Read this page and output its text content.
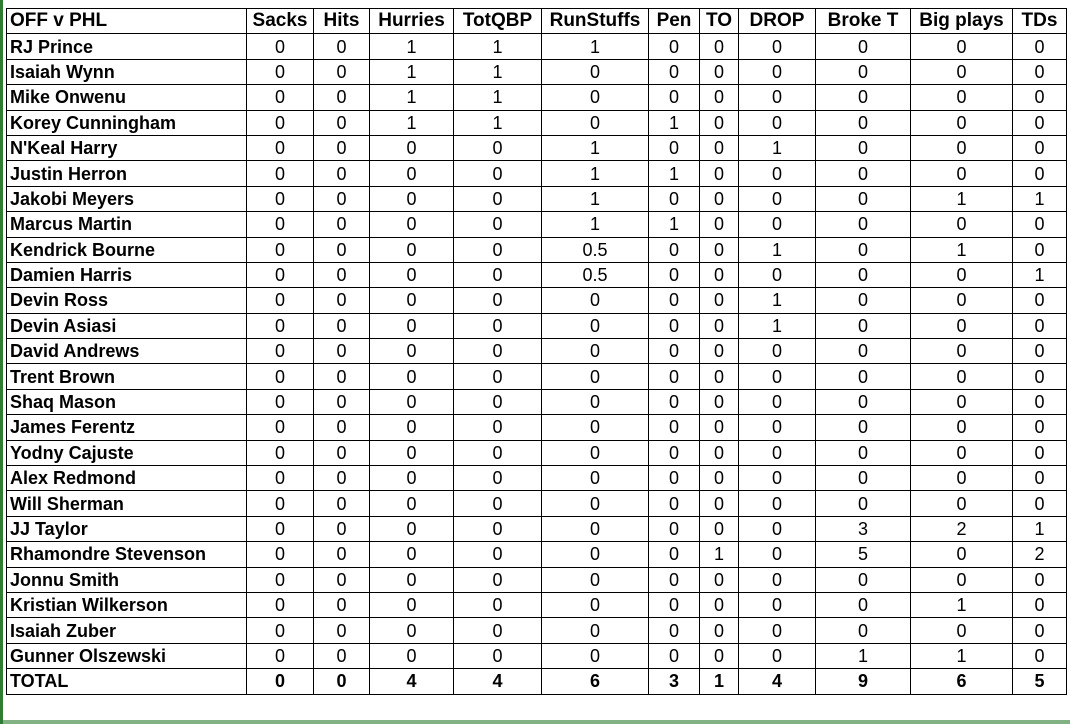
OFF v PHL	Sacks	Hits	Hurries	TotQBP	RunStuffs	Pen	TO	DROP	Broke T	Big plays	TDs
RJ Prince	0	0	1	1	1	0	0	0	0	0	0
Isaiah Wynn	0	0	1	1	0	0	0	0	0	0	0
Mike Onwenu	0	0	1	1	0	0	0	0	0	0	0
Korey Cunningham	0	0	1	1	0	1	0	0	0	0	0
N'Keal Harry	0	0	0	0	1	0	0	1	0	0	0
Justin Herron	0	0	0	0	1	1	0	0	0	0	0
Jakobi Meyers	0	0	0	0	1	0	0	0	0	1	1
Marcus Martin	0	0	0	0	1	1	0	0	0	0	0
Kendrick Bourne	0	0	0	0	0.5	0	0	1	0	1	0
Damien Harris	0	0	0	0	0.5	0	0	0	0	0	1
Devin Ross	0	0	0	0	0	0	0	1	0	0	0
Devin Asiasi	0	0	0	0	0	0	0	1	0	0	0
David Andrews	0	0	0	0	0	0	0	0	0	0	0
Trent Brown	0	0	0	0	0	0	0	0	0	0	0
Shaq Mason	0	0	0	0	0	0	0	0	0	0	0
James Ferentz	0	0	0	0	0	0	0	0	0	0	0
Yodny Cajuste	0	0	0	0	0	0	0	0	0	0	0
Alex Redmond	0	0	0	0	0	0	0	0	0	0	0
Will Sherman	0	0	0	0	0	0	0	0	0	0	0
JJ Taylor	0	0	0	0	0	0	0	0	3	2	1
Rhamondre Stevenson	0	0	0	0	0	0	1	0	5	0	2
Jonnu Smith	0	0	0	0	0	0	0	0	0	0	0
Kristian Wilkerson	0	0	0	0	0	0	0	0	0	1	0
Isaiah Zuber	0	0	0	0	0	0	0	0	0	0	0
Gunner Olszewski	0	0	0	0	0	0	0	0	1	1	0
TOTAL	0	0	4	4	6	3	1	4	9	6	5
